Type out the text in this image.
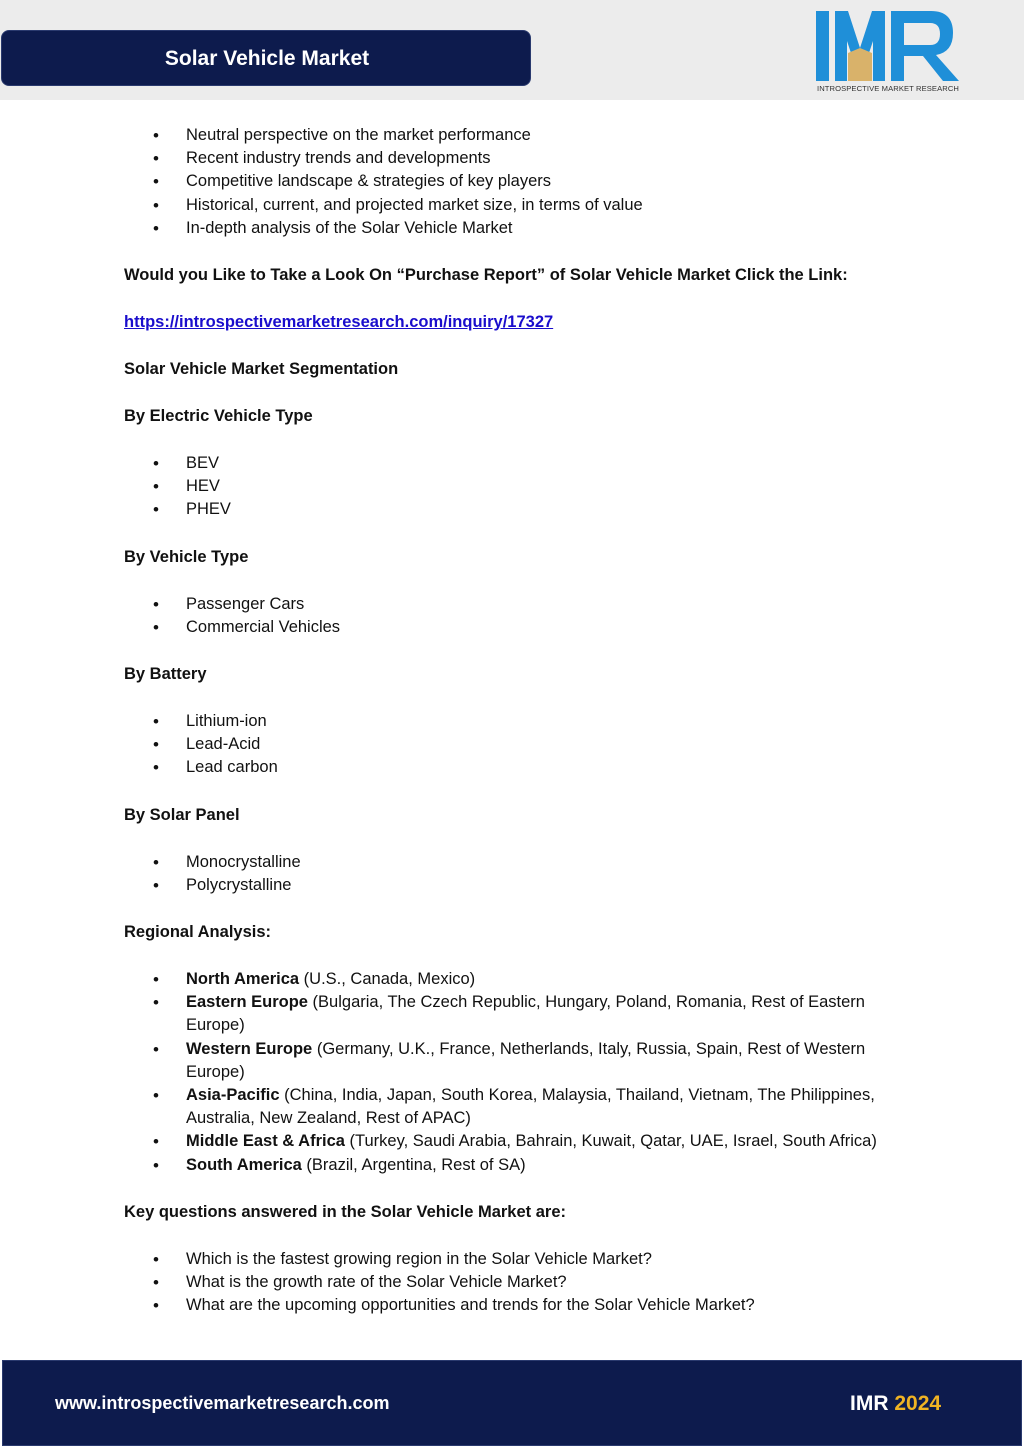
Solar Vehicle Market
INTROSPECTIVE MARKET RESEARCH
• Neutral perspective on the market performance
• Recent industry trends and developments
• Competitive landscape & strategies of key players
• Historical, current, and projected market size, in terms of value
• In-depth analysis of the Solar Vehicle Market

Would you Like to Take a Look On “Purchase Report” of Solar Vehicle Market Click the Link:

https://introspectivemarketresearch.com/inquiry/17327

Solar Vehicle Market Segmentation

By Electric Vehicle Type

• BEV
• HEV
• PHEV

By Vehicle Type

• Passenger Cars
• Commercial Vehicles

By Battery

• Lithium-ion
• Lead-Acid
• Lead carbon

By Solar Panel

• Monocrystalline
• Polycrystalline

Regional Analysis:

• North America (U.S., Canada, Mexico)
• Eastern Europe (Bulgaria, The Czech Republic, Hungary, Poland, Romania, Rest of Eastern Europe)
• Western Europe (Germany, U.K., France, Netherlands, Italy, Russia, Spain, Rest of Western Europe)
• Asia-Pacific (China, India, Japan, South Korea, Malaysia, Thailand, Vietnam, The Philippines, Australia, New Zealand, Rest of APAC)
• Middle East & Africa (Turkey, Saudi Arabia, Bahrain, Kuwait, Qatar, UAE, Israel, South Africa)
• South America (Brazil, Argentina, Rest of SA)

Key questions answered in the Solar Vehicle Market are:

• Which is the fastest growing region in the Solar Vehicle Market?
• What is the growth rate of the Solar Vehicle Market?
• What are the upcoming opportunities and trends for the Solar Vehicle Market?
www.introspectivemarketresearch.com	IMR 2024
